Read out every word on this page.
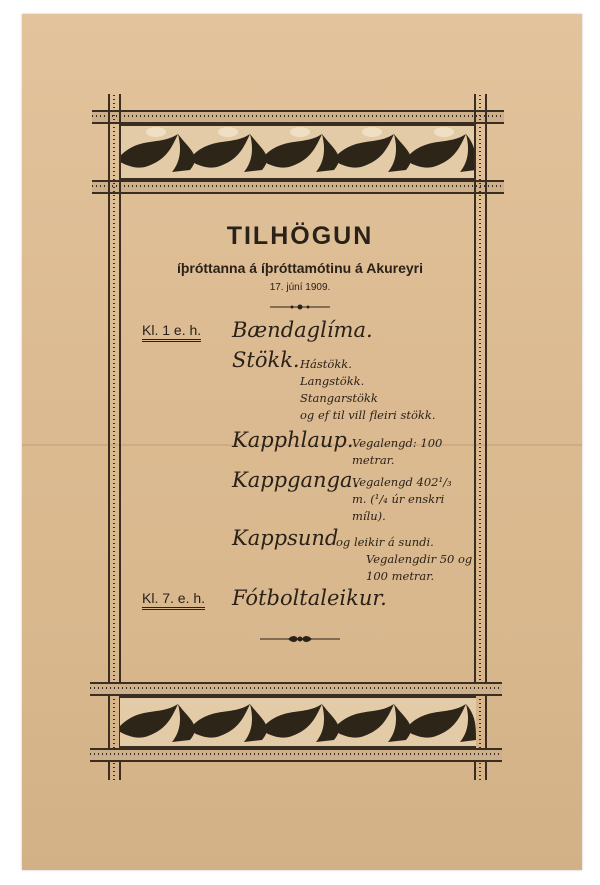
TILHÖGUN
íþróttanna á íþróttamótinu á Akureyri
17. júní 1909.
Kl. 1 e. h. Bændaglíma.
Stökk. Hástökk.
Langstökk.
Stangarstökk
og ef til vill fleiri stökk.
Kapphlaup.
Vegalengd: 100
metrar.
Kappganga.
Vegalengd 402¹/₃
m. (¹/₄ úr enskri
mílu).
Kappsund
og leikir á sundi.
Vegalengdir 50 og
100 metrar.
Kl. 7. e. h. Fótboltaleikur.
